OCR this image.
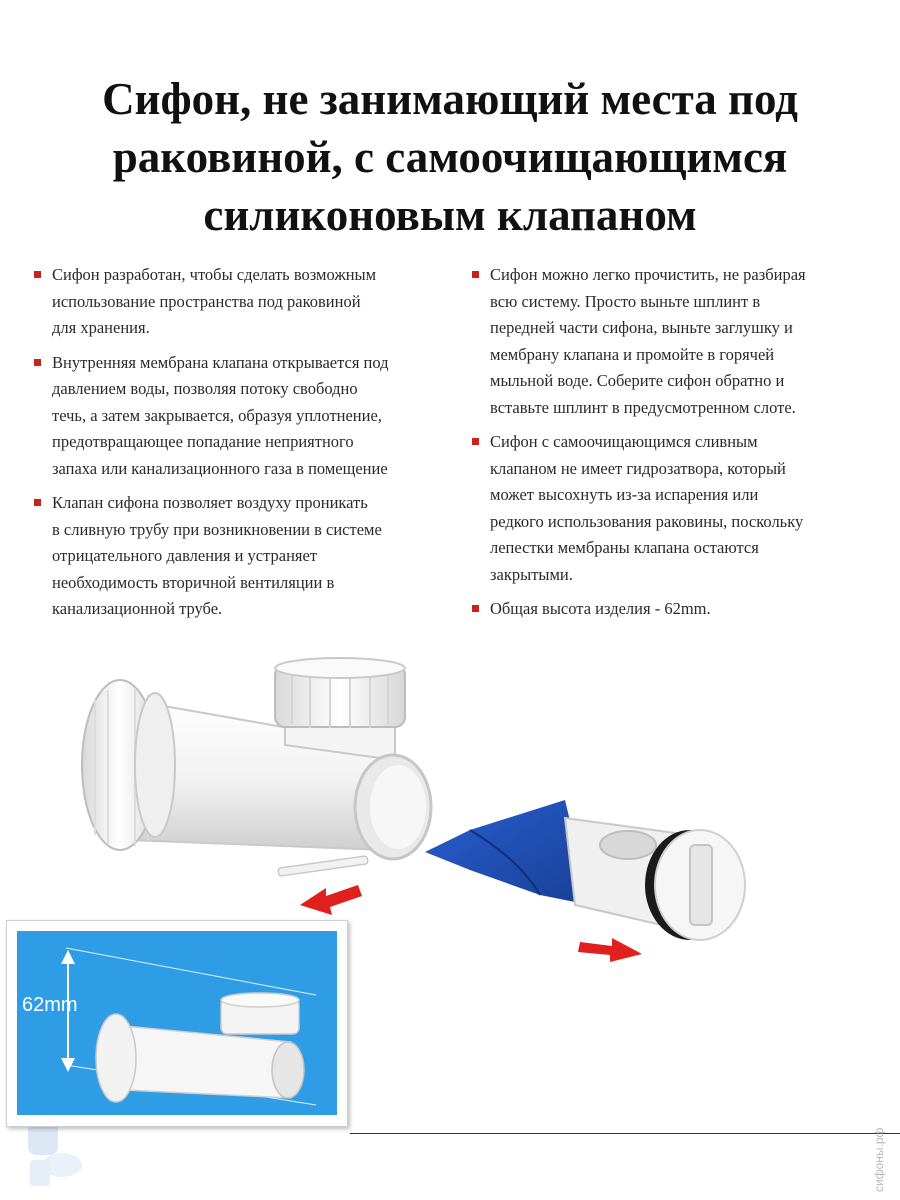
Сифон, не занимающий места под
раковиной, с самоочищающимся
силиконовым клапаном
Сифон разработан, чтобы сделать возможным
использование пространства под раковиной
для хранения.
Внутренняя мембрана клапана открывается под
давлением воды, позволяя потоку свободно
течь, а затем закрывается, образуя уплотнение,
предотвращающее попадание неприятного
запаха или канализационного газа в помещение
Клапан сифона позволяет воздуху проникать
в сливную трубу при возникновении в системе
отрицательного давления и устраняет
необходимость вторичной вентиляции в
канализационной трубе.
Сифон можно легко прочистить, не разбирая
всю систему. Просто выньте шплинт в
передней части сифона, выньте заглушку и
мембрану клапана и промойте в горячей
мыльной воде. Соберите сифон обратно и
вставьте шплинт в предусмотренном слоте.
Сифон с самоочищающимся сливным
клапаном не имеет гидрозатвора, который
может высохнуть из-за испарения или
редкого использования раковины, поскольку
лепестки мембраны клапана остаются
закрытыми.
Общая высота изделия - 62mm.
62mm
сифоны.рф
